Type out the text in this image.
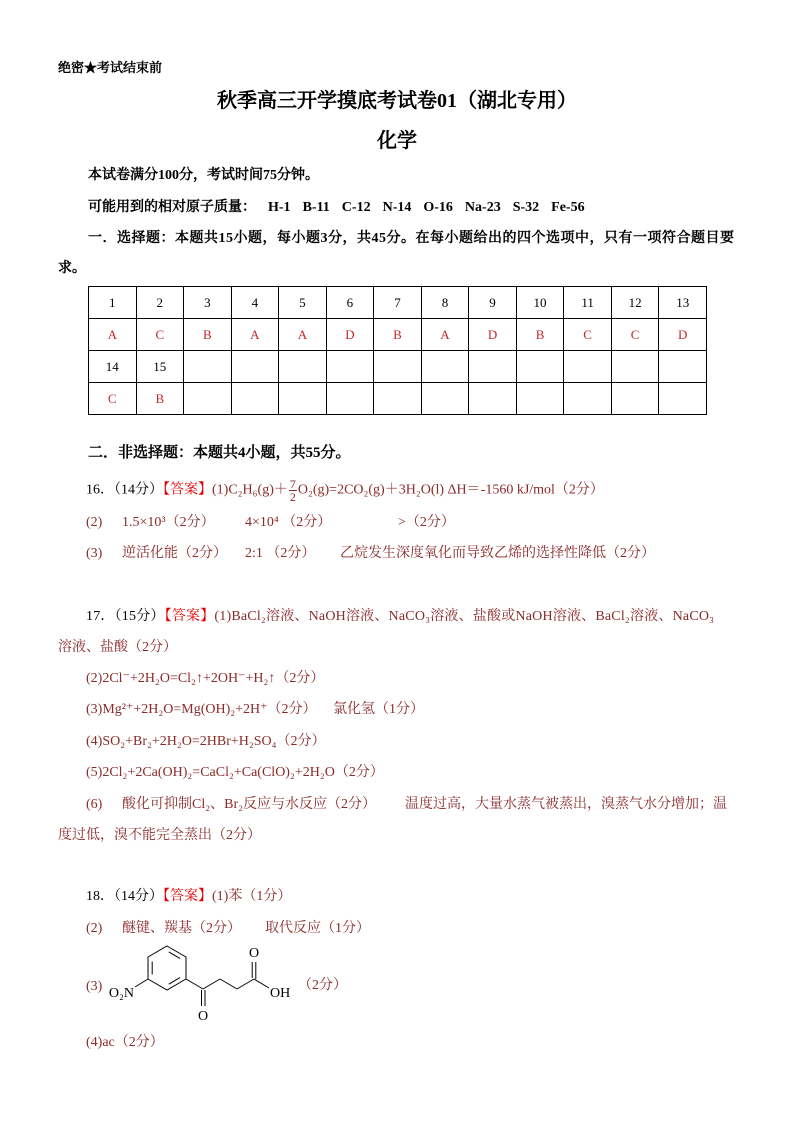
绝密★考试结束前
秋季高三开学摸底考试卷01（湖北专用）
化学
本试卷满分100分，考试时间75分钟。
可能用到的相对原子质量： H-1 B-11 C-12 N-14 O-16 Na-23 S-32 Fe-56
一．选择题：本题共15小题，每小题3分，共45分。在每小题给出的四个选项中，只有一项符合题目要
求。
1	2	3	4	5	6	7	8	9	10	11	12	13
A	C	B	A	A	D	B	A	D	B	C	C	D
14	15											
C	B											
二．非选择题：本题共4小题，共55分。
16．（14分）【答案】$(1)C_2H_6(g)+ \frac{7}{2} O_2(g)=2CO_2(g)+3H_2O(l)$ ΔH＝-1560 kJ/mol（2分）
(2) 1.5×10³（2分） 4×10⁴ （2分）	>（2分）
(3) 逆活化能（2分） 2:1 （2分） 乙烷发生深度氧化而导致乙烯的选择性降低（2分）
17．（15分）【答案】(1)BaCl₂溶液、NaOH溶液、NaCO₃溶液、盐酸或NaOH溶液、BaCl₂溶液、NaCO₃
溶液、盐酸（2分）
(2)2Cl⁻+2H₂O=Cl₂↑+2OH⁻+H₂↑（2分）
(3)Mg²⁺+2H₂O=Mg(OH)₂+2H⁺（2分） 氯化氢（1分）
(4)SO₂+Br₂+2H₂O=2HBr+H₂SO₄（2分）
(5)2Cl₂+2Ca(OH)₂=CaCl₂+Ca(ClO)₂+2H₂O（2分）
(6) 酸化可抑制Cl₂、Br₂反应与水反应（2分） 温度过高，大量水蒸气被蒸出，溴蒸气水分增加；温
度过低，溴不能完全蒸出（2分）
18．（14分）【答案】(1)苯（1分）
(2) 醚键、羰基（2分） 取代反应（1分）
(3) O₂N
O
O
OH
（2分）
(4)ac（2分）
